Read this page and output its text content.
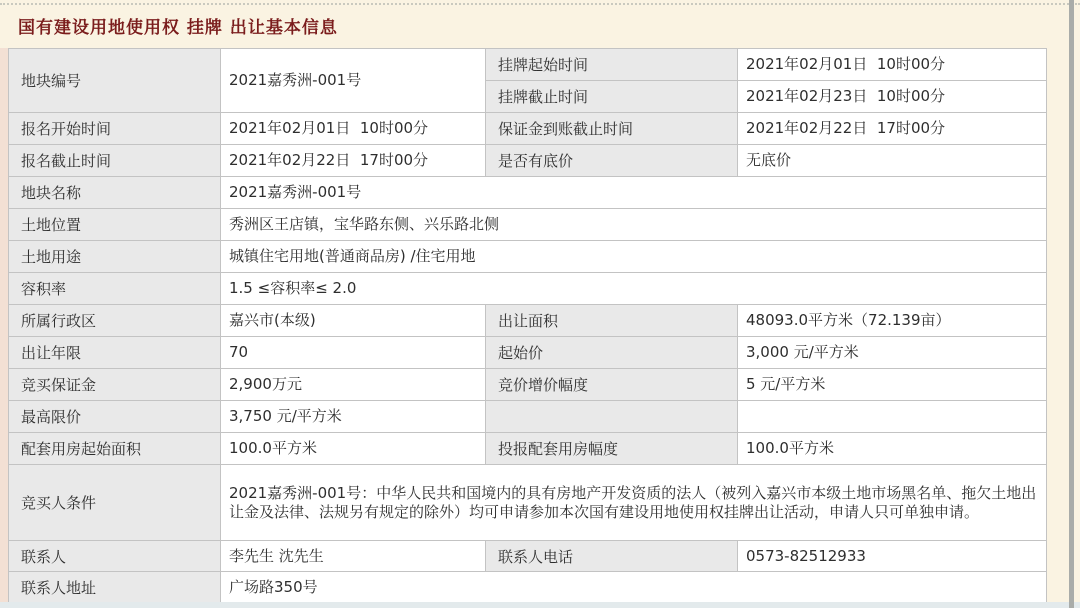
国有建设用地使用权 挂牌 出让基本信息
地块编号	2021嘉秀洲-001号	挂牌起始时间	2021年02月01日  10时00分
		挂牌截止时间	2021年02月23日  10时00分
报名开始时间	2021年02月01日  10时00分	保证金到账截止时间	2021年02月22日  17时00分
报名截止时间	2021年02月22日  17时00分	是否有底价	无底价
地块名称	2021嘉秀洲-001号		
土地位置	秀洲区王店镇，宝华路东侧、兴乐路北侧		
土地用途	城镇住宅用地(普通商品房) /住宅用地		
容积率	1.5 ≤容积率≤ 2.0		
所属行政区	嘉兴市(本级)	出让面积	48093.0平方米（72.139亩）
出让年限	70	起始价	3,000 元/平方米
竞买保证金	2,900万元	竞价增价幅度	5 元/平方米
最高限价	3,750 元/平方米		
配套用房起始面积	100.0平方米	投报配套用房幅度	100.0平方米
竞买人条件	2021嘉秀洲-001号：中华人民共和国境内的具有房地产开发资质的法人（被列入嘉兴市本级土地市场黑名单、拖欠土地出让金及法律、法规另有规定的除外）均可申请参加本次国有建设用地使用权挂牌出让活动，申请人只可单独申请。		
联系人	李先生 沈先生	联系人电话	0573-82512933
联系人地址	广场路350号		
